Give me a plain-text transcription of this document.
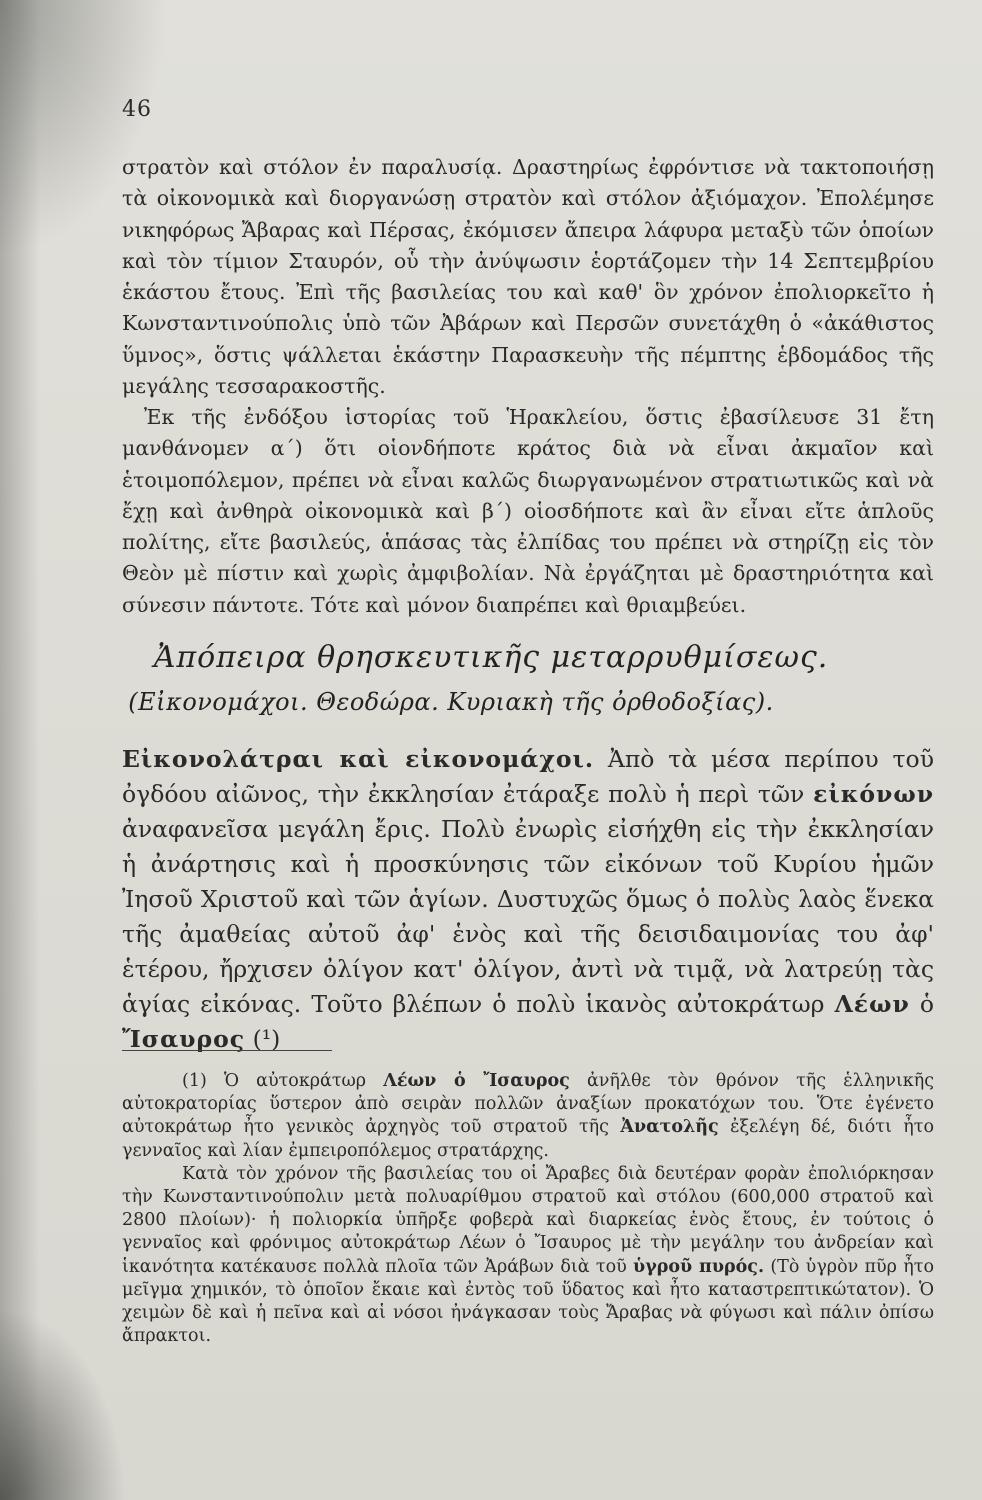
46
στρατὸν καὶ στόλον ἐν παραλυσίᾳ. Δραστηρίως ἐφρόντισε νὰ τακτοποιήσῃ τὰ οἰκονομικὰ καὶ διοργανώσῃ στρατὸν καὶ στόλον ἀξιόμαχον. Ἐπολέμησε νικηφόρως Ἄβαρας καὶ Πέρσας, ἐκόμισεν ἄπειρα λάφυρα μεταξὺ τῶν ὁποίων καὶ τὸν τίμιον Σταυρόν, οὗ τὴν ἀνύψωσιν ἑορτάζομεν τὴν 14 Σεπτεμβρίου ἑκάστου ἔτους. Ἐπὶ τῆς βασιλείας του καὶ καθ' ὃν χρόνον ἐπολιορκεῖτο ἡ Κωνσταντινούπολις ὑπὸ τῶν Ἀβάρων καὶ Περσῶν συνετάχθη ὁ «ἀκάθιστος ὕμνος», ὅστις ψάλλεται ἑκάστην Παρασκευὴν τῆς πέμπτης ἑβδομάδος τῆς μεγάλης τεσσαρακοστῆς.
Ἐκ τῆς ἐνδόξου ἱστορίας τοῦ Ἡρακλείου, ὅστις ἐβασίλευσε 31 ἔτη μανθάνομεν α΄) ὅτι οἱονδήποτε κράτος διὰ νὰ εἶναι ἀκμαῖον καὶ ἑτοιμοπόλεμον, πρέπει νὰ εἶναι καλῶς διωργανωμένον στρατιωτικῶς καὶ νὰ ἔχῃ καὶ ἀνθηρὰ οἰκονομικὰ καὶ β΄) οἱοσδήποτε καὶ ἂν εἶναι εἴτε ἁπλοῦς πολίτης, εἴτε βασιλεύς, ἁπάσας τὰς ἐλπίδας του πρέπει νὰ στηρίζῃ εἰς τὸν Θεὸν μὲ πίστιν καὶ χωρὶς ἀμφιβολίαν. Νὰ ἐργάζηται μὲ δραστηριότητα καὶ σύνεσιν πάντοτε. Τότε καὶ μόνον διαπρέπει καὶ θριαμβεύει.
Ἀπόπειρα θρησκευτικῆς μεταρρυθμίσεως.
(Εἰκονομάχοι. Θεοδώρα. Κυριακὴ τῆς ὀρθοδοξίας).
Εἰκονολάτραι καὶ εἰκονομάχοι. Ἀπὸ τὰ μέσα περίπου τοῦ ὀγδόου αἰῶνος, τὴν ἐκκλησίαν ἐτάραξε πολὺ ἡ περὶ τῶν εἰκόνων ἀναφανεῖσα μεγάλη ἔρις. Πολὺ ἐνωρὶς εἰσήχθη εἰς τὴν ἐκκλησίαν ἡ ἀνάρτησις καὶ ἡ προσκύνησις τῶν εἰκόνων τοῦ Κυρίου ἡμῶν Ἰησοῦ Χριστοῦ καὶ τῶν ἁγίων. Δυστυχῶς ὅμως ὁ πολὺς λαὸς ἕνεκα τῆς ἀμαθείας αὐτοῦ ἀφ' ἑνὸς καὶ τῆς δεισιδαιμονίας του ἀφ' ἑτέρου, ἤρχισεν ὀλίγον κατ' ὀλίγον, ἀντὶ νὰ τιμᾷ, νὰ λατρεύῃ τὰς ἁγίας εἰκόνας. Τοῦτο βλέπων ὁ πολὺ ἱκανὸς αὐτοκράτωρ Λέων ὁ Ἴσαυρος (¹)

(1) Ὁ αὐτοκράτωρ Λέων ὁ Ἴσαυρος ἀνῆλθε τὸν θρόνον τῆς ἑλληνικῆς αὐτοκρατορίας ὕστερον ἀπὸ σειρὰν πολλῶν ἀναξίων προκατόχων του. Ὅτε ἐγένετο αὐτοκράτωρ ἦτο γενικὸς ἀρχηγὸς τοῦ στρατοῦ τῆς Ἀνατολῆς ἐξελέγη δέ, διότι ἦτο γενναῖος καὶ λίαν ἐμπειροπόλεμος στρατάρχης.

Κατὰ τὸν χρόνον τῆς βασιλείας του οἱ Ἄραβες διὰ δευτέραν φορὰν ἐπολιόρκησαν τὴν Κωνσταντινούπολιν μετὰ πολυαρίθμου στρατοῦ καὶ στόλου (600,000 στρατοῦ καὶ 2800 πλοίων)· ἡ πολιορκία ὑπῆρξε φοβερὰ καὶ διαρκείας ἑνὸς ἔτους, ἐν τούτοις ὁ γενναῖος καὶ φρόνιμος αὐτοκράτωρ Λέων ὁ Ἴσαυρος μὲ τὴν μεγάλην του ἀνδρείαν καὶ ἱκανότητα κατέκαυσε πολλὰ πλοῖα τῶν Ἀράβων διὰ τοῦ ὑγροῦ πυρός. (Τὸ ὑγρὸν πῦρ ἦτο μεῖγμα χημικόν, τὸ ὁποῖον ἔκαιε καὶ ἐντὸς τοῦ ὕδατος καὶ ἦτο καταστρεπτικώτατον). Ὁ χειμὼν δὲ καὶ ἡ πεῖνα καὶ αἱ νόσοι ἠνάγκασαν τοὺς Ἄραβας νὰ φύγωσι καὶ πάλιν ὀπίσω ἄπρακτοι.
